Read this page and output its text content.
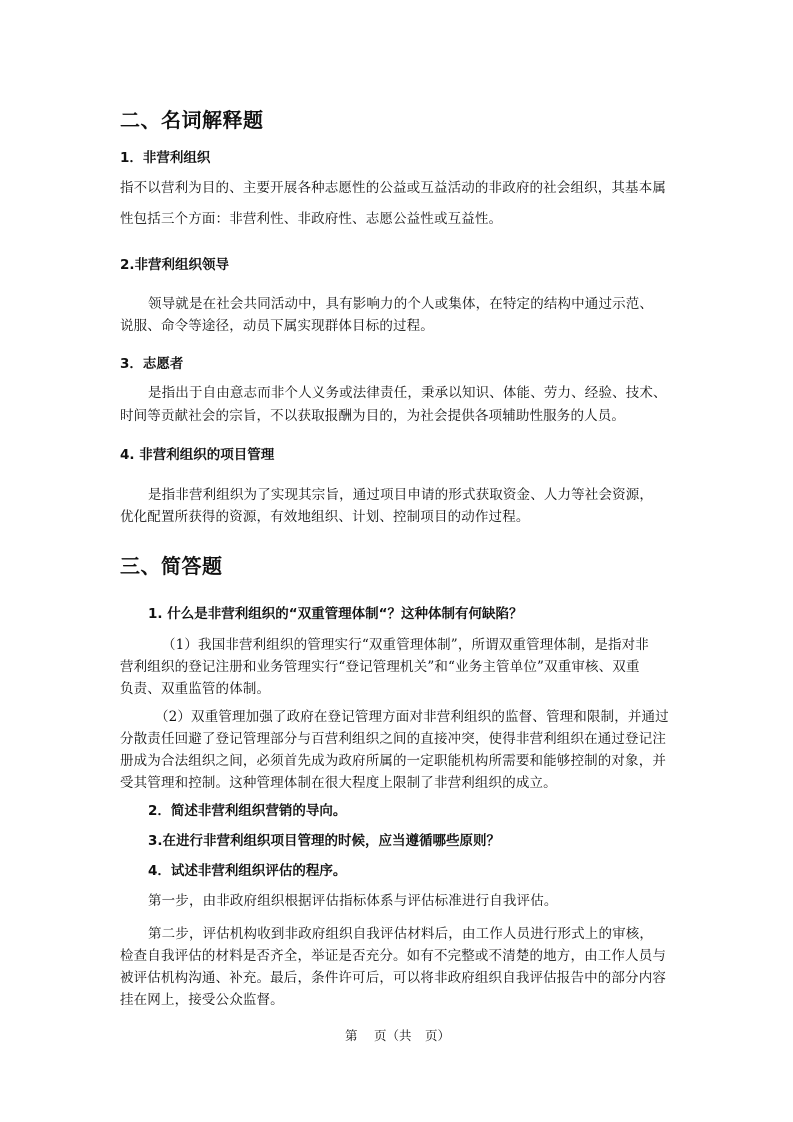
二、名词解释题
1．非营利组织
指不以营利为目的、主要开展各种志愿性的公益或互益活动的非政府的社会组织，其基本属
性包括三个方面：非营利性、非政府性、志愿公益性或互益性。
2.非营利组织领导
领导就是在社会共同活动中，具有影响力的个人或集体，在特定的结构中通过示范、
说服、命令等途径，动员下属实现群体目标的过程。
3．志愿者
是指出于自由意志而非个人义务或法律责任，秉承以知识、体能、劳力、经验、技术、
时间等贡献社会的宗旨，不以获取报酬为目的，为社会提供各项辅助性服务的人员。
4. 非营利组织的项目管理
是指非营利组织为了实现其宗旨，通过项目申请的形式获取资金、人力等社会资源，
优化配置所获得的资源，有效地组织、计划、控制项目的动作过程。
三、简答题
1. 什么是非营利组织的“双重管理体制“？这种体制有何缺陷？
（1）我国非营利组织的管理实行“双重管理体制”，所谓双重管理体制，是指对非
营利组织的登记注册和业务管理实行“登记管理机关”和“业务主管单位”双重审核、双重
负责、双重监管的体制。
（2）双重管理加强了政府在登记管理方面对非营利组织的监督、管理和限制，并通过
分散责任回避了登记管理部分与百营利组织之间的直接冲突，使得非营利组织在通过登记注
册成为合法组织之间，必须首先成为政府所属的一定职能机构所需要和能够控制的对象，并
受其管理和控制。这种管理体制在很大程度上限制了非营利组织的成立。
2．简述非营利组织营销的导向。
3.在进行非营利组织项目管理的时候，应当遵循哪些原则？
4．试述非营利组织评估的程序。
第一步，由非政府组织根据评估指标体系与评估标准进行自我评估。
第二步，评估机构收到非政府组织自我评估材料后，由工作人员进行形式上的审核，
检查自我评估的材料是否齐全，举证是否充分。如有不完整或不清楚的地方，由工作人员与
被评估机构沟通、补充。最后，条件许可后，可以将非政府组织自我评估报告中的部分内容
挂在网上，接受公众监督。
第 页（共 页）
